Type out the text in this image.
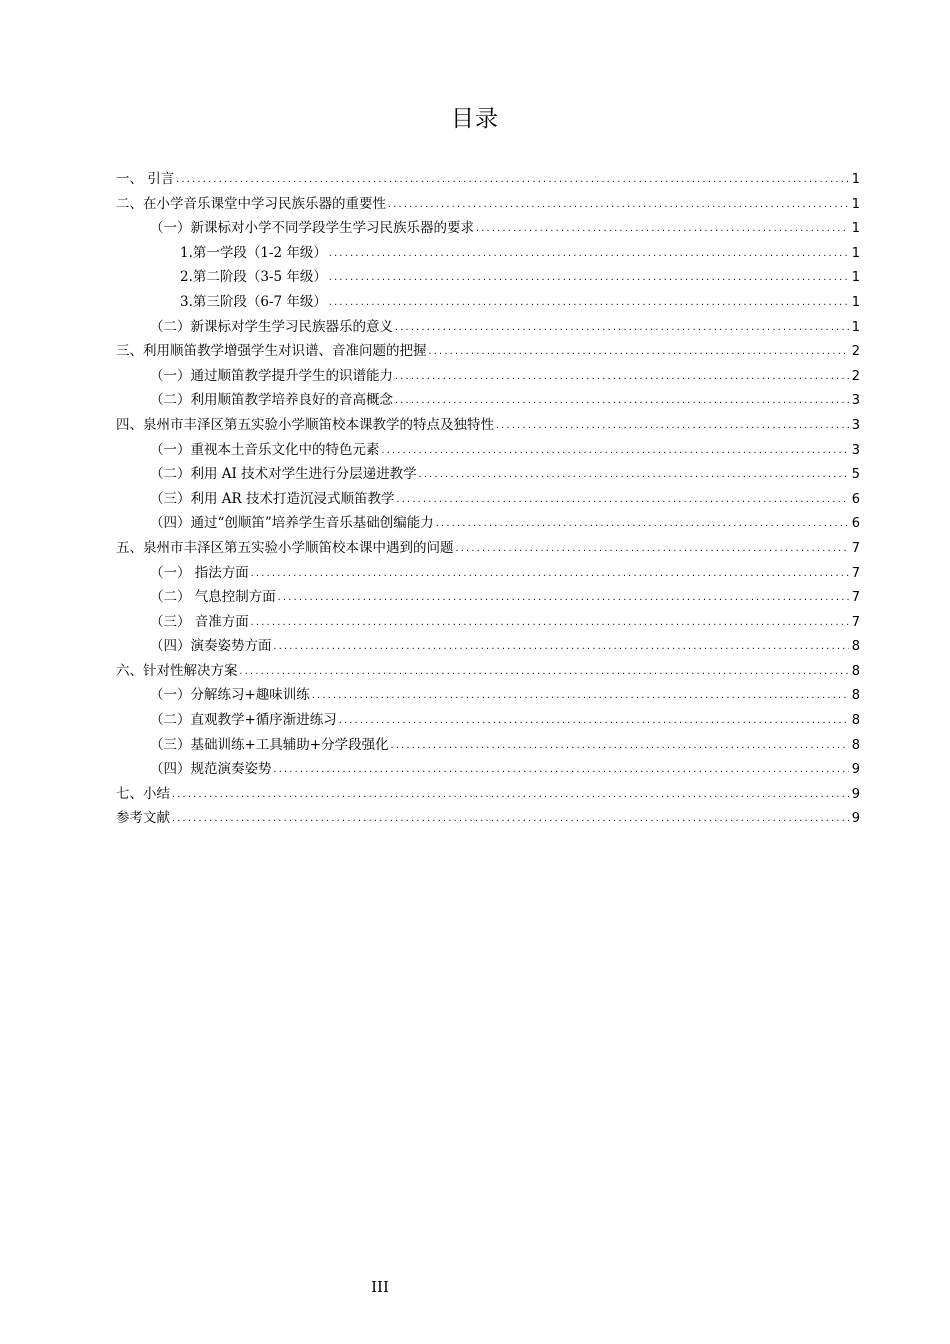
目录
一、 引言 .....	1
二、在小学音乐课堂中学习民族乐器的重要性 .....	1
（一）新课标对小学不同学段学生学习民族乐器的要求 .....	1
1.第一学段（1-2 年级） .....	1
2.第二阶段（3-5 年级） .....	1
3.第三阶段（6-7 年级） .....	1
（二）新课标对学生学习民族器乐的意义 .....	1
三、利用顺笛教学增强学生对识谱、音准问题的把握 .....	2
（一）通过顺笛教学提升学生的识谱能力 .....	2
（二）利用顺笛教学培养良好的音高概念 .....	3
四、泉州市丰泽区第五实验小学顺笛校本课教学的特点及独特性 .....	3
（一）重视本土音乐文化中的特色元素 .....	3
（二）利用 AI 技术对学生进行分层递进教学 .....	5
（三）利用 AR 技术打造沉浸式顺笛教学 .....	6
（四）通过“创顺笛”培养学生音乐基础创编能力 .....	6
五、泉州市丰泽区第五实验小学顺笛校本课中遇到的问题 .....	7
（一） 指法方面 .....	7
（二） 气息控制方面 .....	7
（三） 音准方面 .....	7
（四）演奏姿势方面 .....	8
六、针对性解决方案 .....	8
（一）分解练习+趣味训练 .....	8
（二）直观教学+循序渐进练习 .....	8
（三）基础训练+工具辅助+分学段强化 .....	8
（四）规范演奏姿势 .....	9
七、小结 .....	9
参考文献 .....	9
III
